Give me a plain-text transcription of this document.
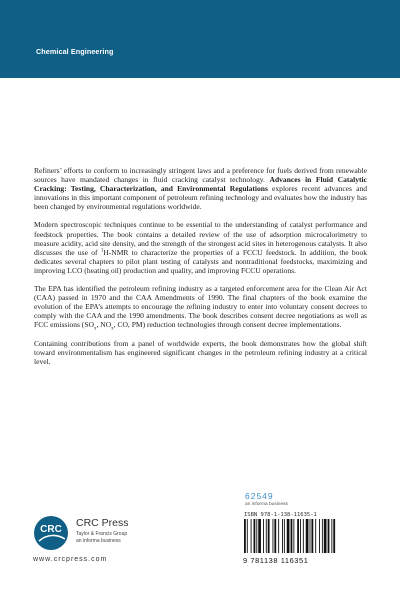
Chemical Engineering

Refiners’ efforts to conform to increasingly stringent laws and a preference for fuels derived from renewable sources have mandated changes in fluid cracking catalyst technology. Advances in Fluid Catalytic Cracking: Testing, Characterization, and Environmental Regulations explores recent advances and innovations in this important component of petroleum refining technology and evaluates how the industry has been changed by environmental regulations worldwide.

Modern spectroscopic techniques continue to be essential to the understanding of catalyst performance and feedstock properties. The book contains a detailed review of the use of adsorption microcalorimetry to measure acidity, acid site density, and the strength of the strongest acid sites in heterogenous catalysts. It also discusses the use of $^1$H-NMR to characterize the properties of a FCCU feedstock. In addition, the book dedicates several chapters to pilot plant testing of catalysts and nontraditional feedstocks, maximizing and improving LCO (heating oil) production and quality, and improving FCCU operations.

The EPA has identified the petroleum refining industry as a targeted enforcement area for the Clean Air Act (CAA) passed in 1970 and the CAA Amendments of 1990. The final chapters of the book examine the evolution of the EPA’s attempts to encourage the refining industry to enter into voluntary consent decrees to comply with the CAA and the 1990 amendments. The book describes consent decree negotiations as well as FCC emissions ($SO_x$, $NO_x$, CO, PM) reduction technologies through consent decree implementations.

Containing contributions from a panel of worldwide experts, the book demonstrates how the global shift toward environmentalism has engineered significant changes in the petroleum refining industry at a critical level.

CRC
CRC Press
Taylor & Francis Group
an informa business
www.crcpress.com
62549
an informa business
ISBN 978-1-138-11635-1
9 781138 116351
